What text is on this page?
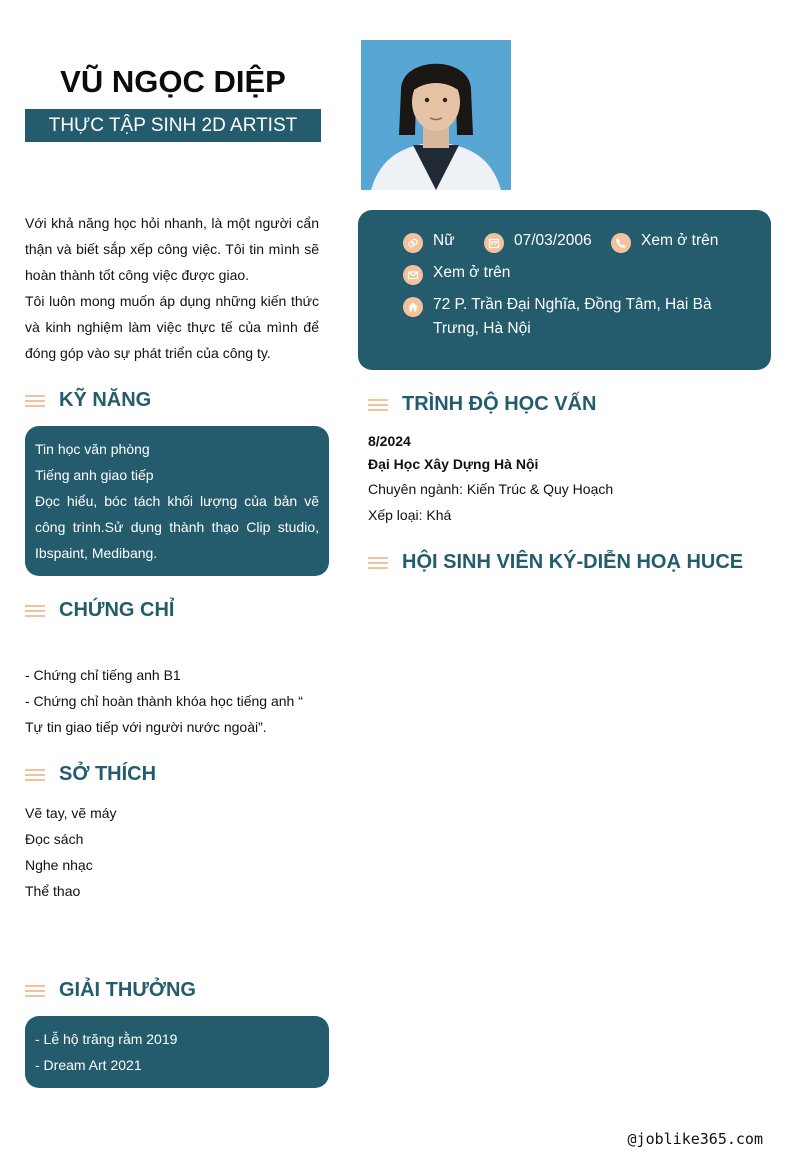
VŨ NGỌC DIỆP
THỰC TẬP SINH 2D ARTIST

Với khả năng học hỏi nhanh, là một người cẩn thận và biết sắp xếp công việc. Tôi tin mình sẽ hoàn thành tốt công việc được giao.

Tôi luôn mong muốn áp dụng những kiến thức và kinh nghiệm làm việc thực tế của mình để đóng góp vào sự phát triển của công ty.

KỸ NĂNG
Tin học văn phòng
Tiếng anh giao tiếp
Đọc hiểu, bóc tách khối lượng của bản vẽ công trình.Sử dụng thành thạo Clip studio, Ibspaint, Medibang.
CHỨNG CHỈ
- Chứng chỉ tiếng anh B1
- Chứng chỉ hoàn thành khóa học tiếng anh “ Tự tin giao tiếp với người nước ngoài”.
SỞ THÍCH
Vẽ tay, vẽ máy
Đọc sách
Nghe nhạc
Thể thao
GIẢI THƯỞNG
- Lễ hộ trăng rằm 2019
- Dream Art 2021
Nữ	07/03/2006	Xem ở trên
Xem ở trên
72 P. Trần Đại Nghĩa, Đồng Tâm, Hai Bà Trưng, Hà Nội
TRÌNH ĐỘ HỌC VẤN
8/2024
Đại Học Xây Dựng Hà Nội
Chuyên ngành: Kiến Trúc & Quy Hoạch
Xếp loại: Khá
HỘI SINH VIÊN KÝ-DIỄN HOẠ HUCE
@joblike365.com
